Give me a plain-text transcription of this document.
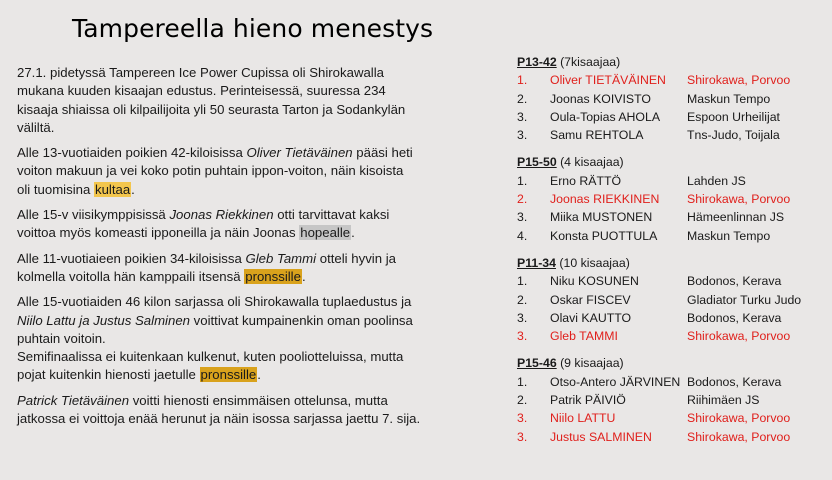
Tampereella hieno menestys

27.1. pidetyssä Tampereen Ice Power Cupissa oli Shirokawalla
mukana kuuden kisaajan edustus. Perinteisessä, suuressa 234
kisaaja shiaissa oli kilpailijoita yli 50 seurasta Tarton ja Sodankylän
väliltä.

Alle 13-vuotiaiden poikien 42-kiloisissa Oliver Tietäväinen pääsi heti
voiton makuun ja vei koko potin puhtain ippon-voiton, näin kisoista
oli tuomisina kultaa.

Alle 15-v viisikymppisissä Joonas Riekkinen otti tarvittavat kaksi
voittoa myös komeasti ipponeilla ja näin Joonas hopealle.

Alle 11-vuotiaieen poikien 34-kiloisissa Gleb Tammi otteli hyvin ja
kolmella voitolla hän kamppaili itsensä pronssille.

Alle 15-vuotiaiden 46 kilon sarjassa oli Shirokawalla tuplaedustus ja
Niilo Lattu ja Justus Salminen voittivat kumpainenkin oman poolinsa
puhtain voitoin.
Semifinaalissa ei kuitenkaan kulkenut, kuten pooliotteluissa, mutta
pojat kuitenkin hienosti jaetulle pronssille.

Patrick Tietäväinen voitti hienosti ensimmäisen ottelunsa, mutta
jatkossa ei voittoja enää herunut ja näin isossa sarjassa jaettu 7. sija.

P13-42 (7kisaajaa)
1. Oliver TIETÄVÄINEN Shirokawa, Porvoo
2. Joonas KOIVISTO	Maskun Tempo
3. Oula-Topias AHOLA Espoon Urheilijat
3. Samu REHTOLA	Tns-Judo, Toijala
P15-50 (4 kisaajaa)
1. Erno RÄTTÖ	Lahden JS
2. Joonas RIEKKINEN Shirokawa, Porvoo
3. Miika MUSTONEN	Hämeenlinnan JS
4. Konsta PUOTTULA Maskun Tempo
P11-34 (10 kisaajaa)
1. Niku KOSUNEN	Bodonos, Kerava
2. Oskar FISCEV	Gladiator Turku Judo
3. Olavi KAUTTO	Bodonos, Kerava
3. Gleb TAMMI	Shirokawa, Porvoo
P15-46 (9 kisaajaa)
1. Otso-Antero JÄRVINEN Bodonos, Kerava
2. Patrik PÄIVIÖ	Riihimäen JS
3. Niilo LATTU	Shirokawa, Porvoo
3. Justus SALMINEN	Shirokawa, Porvoo
